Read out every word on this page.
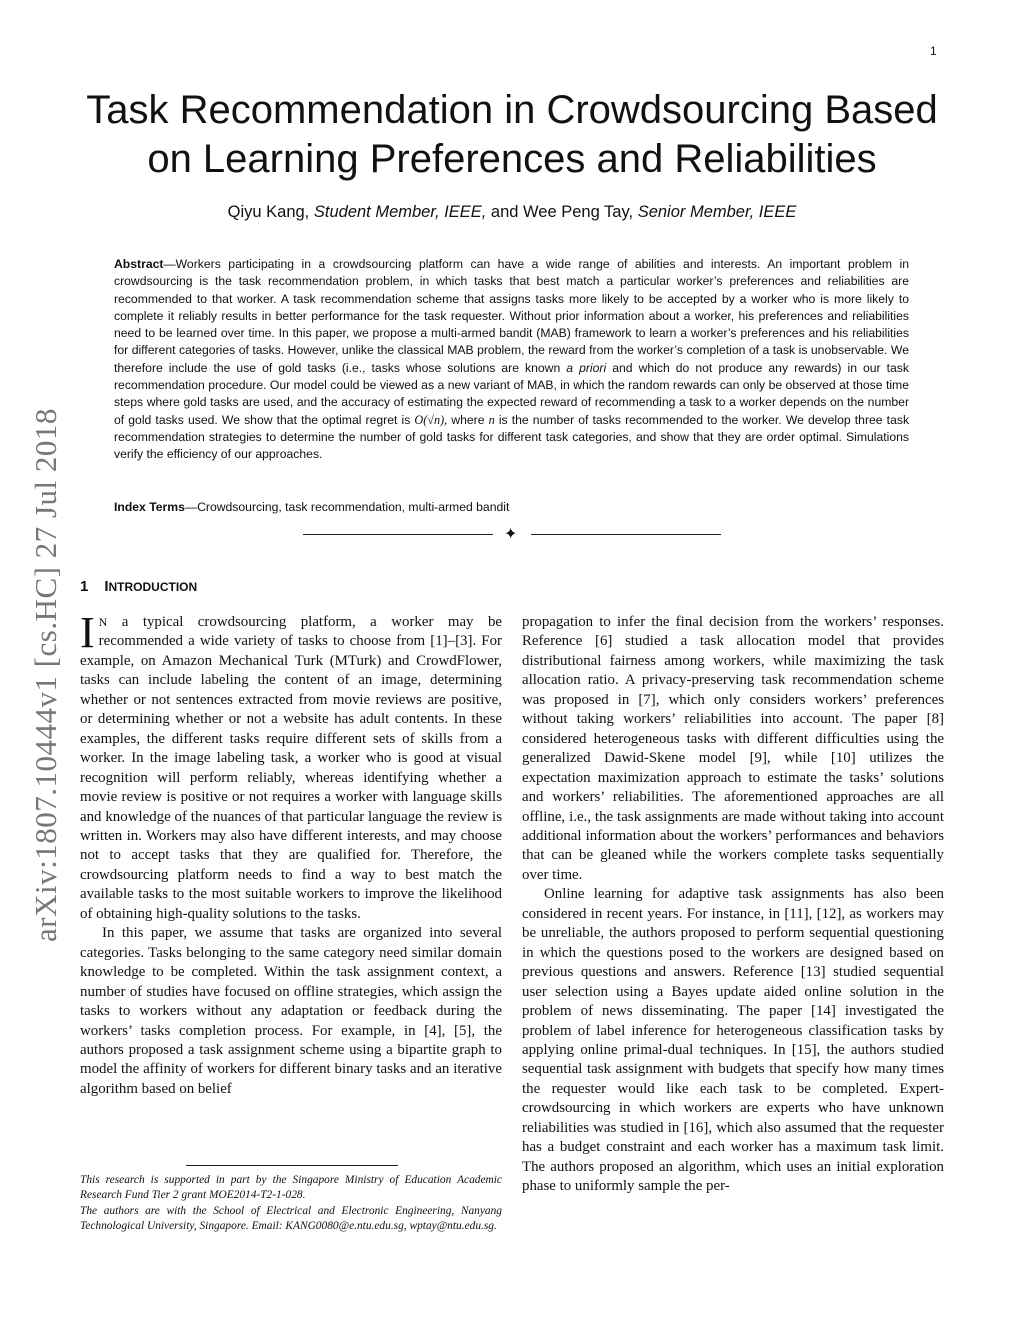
1
arXiv:1807.10444v1 [cs.HC] 27 Jul 2018
Task Recommendation in Crowdsourcing Based
on Learning Preferences and Reliabilities
Qiyu Kang, Student Member, IEEE, and Wee Peng Tay, Senior Member, IEEE
Abstract—Workers participating in a crowdsourcing platform can have a wide range of abilities and interests. An important problem in crowdsourcing is the task recommendation problem, in which tasks that best match a particular worker’s preferences and reliabilities are recommended to that worker. A task recommendation scheme that assigns tasks more likely to be accepted by a worker who is more likely to complete it reliably results in better performance for the task requester. Without prior information about a worker, his preferences and reliabilities need to be learned over time. In this paper, we propose a multi-armed bandit (MAB) framework to learn a worker’s preferences and his reliabilities for different categories of tasks. However, unlike the classical MAB problem, the reward from the worker’s completion of a task is unobservable. We therefore include the use of gold tasks (i.e., tasks whose solutions are known a priori and which do not produce any rewards) in our task recommendation procedure. Our model could be viewed as a new variant of MAB, in which the random rewards can only be observed at those time steps where gold tasks are used, and the accuracy of estimating the expected reward of recommending a task to a worker depends on the number of gold tasks used. We show that the optimal regret is O(√n), where n is the number of tasks recommended to the worker. We develop three task recommendation strategies to determine the number of gold tasks for different task categories, and show that they are order optimal. Simulations verify the efficiency of our approaches.
Index Terms—Crowdsourcing, task recommendation, multi-armed bandit
✦
1 INTRODUCTION

I N a typical crowdsourcing platform, a worker may be recommended a wide variety of tasks to choose from [1]–[3]. For example, on Amazon Mechanical Turk (MTurk) and CrowdFlower, tasks can include labeling the content of an image, determining whether or not sentences extracted from movie reviews are positive, or determining whether or not a website has adult contents. In these examples, the different tasks require different sets of skills from a worker. In the image labeling task, a worker who is good at visual recognition will perform reliably, whereas identifying whether a movie review is positive or not requires a worker with language skills and knowledge of the nuances of that particular language the review is written in. Workers may also have different interests, and may choose not to accept tasks that they are qualified for. Therefore, the crowdsourcing platform needs to find a way to best match the available tasks to the most suitable workers to improve the likelihood of obtaining high-quality solutions to the tasks.

In this paper, we assume that tasks are organized into several categories. Tasks belonging to the same category need similar domain knowledge to be completed. Within the task assignment context, a number of studies have focused on offline strategies, which assign the tasks to workers without any adaptation or feedback during the workers’ tasks completion process. For example, in [4], [5], the authors proposed a task assignment scheme using a bipartite graph to model the affinity of workers for different binary tasks and an iterative algorithm based on belief

propagation to infer the final decision from the workers’ responses. Reference [6] studied a task allocation model that provides distributional fairness among workers, while maximizing the task allocation ratio. A privacy-preserving task recommendation scheme was proposed in [7], which only considers workers’ preferences without taking workers’ reliabilities into account. The paper [8] considered heterogeneous tasks with different difficulties using the generalized Dawid-Skene model [9], while [10] utilizes the expectation maximization approach to estimate the tasks’ solutions and workers’ reliabilities. The aforementioned approaches are all offline, i.e., the task assignments are made without taking into account additional information about the workers’ performances and behaviors that can be gleaned while the workers complete tasks sequentially over time.

Online learning for adaptive task assignments has also been considered in recent years. For instance, in [11], [12], as workers may be unreliable, the authors proposed to perform sequential questioning in which the questions posed to the workers are designed based on previous questions and answers. Reference [13] studied sequential user selection using a Bayes update aided online solution in the problem of news disseminating. The paper [14] investigated the problem of label inference for heterogeneous classification tasks by applying online primal-dual techniques. In [15], the authors studied sequential task assignment with budgets that specify how many times the requester would like each task to be completed. Expert-crowdsourcing in which workers are experts who have unknown reliabilities was studied in [16], which also assumed that the requester has a budget constraint and each worker has a maximum task limit. The authors proposed an algorithm, which uses an initial exploration phase to uniformly sample the per-

This research is supported in part by the Singapore Ministry of Education Academic Research Fund Tier 2 grant MOE2014-T2-1-028.

The authors are with the School of Electrical and Electronic Engineering, Nanyang Technological University, Singapore. Email: KANG0080@e.ntu.edu.sg, wptay@ntu.edu.sg.
